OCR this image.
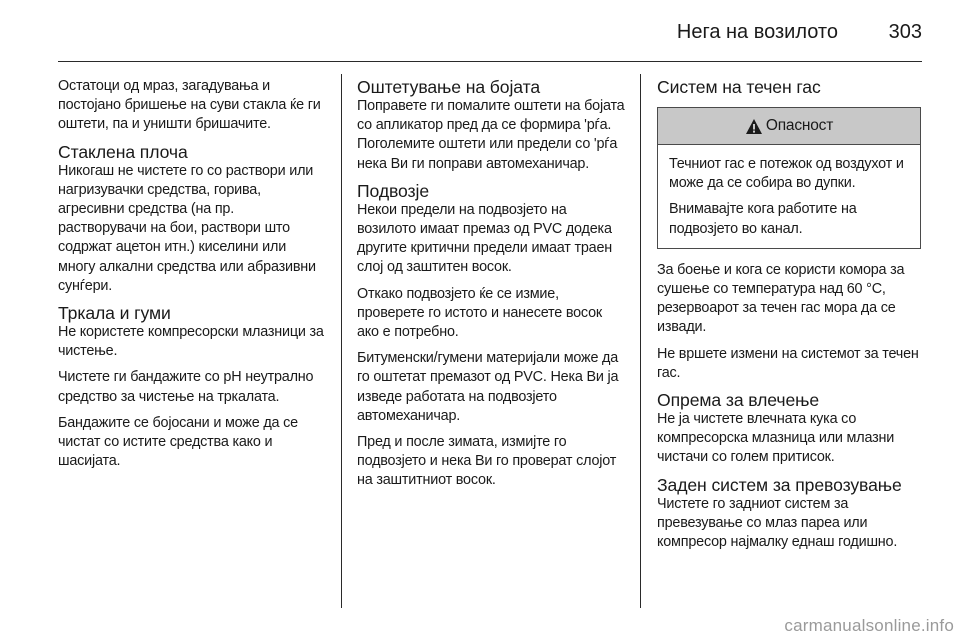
Нега на возилото	303

Остатоци од мраз, загадувања и постојано бришење на суви стакла ќе ги оштети, па и уништи бришачите.

Стаклена плоча

Никогаш не чистете го со раствори или нагризувачки средства, горива, агресивни средства (на пр. растворувачи на бои, раствори што содржат ацетон итн.) киселини или многу алкални средства или абразивни сунѓери.

Тркала и гуми

Не користете компресорски млазници за чистење.

Чистете ги бандажите со pH неутрално средство за чистење на тркалата.

Бандажите се бојосани и може да се чистат со истите средства како и шасијата.

Оштетување на бојата

Поправете ги помалите оштети на бојата со апликатор пред да се формира 'рѓа. Поголемите оштети или предели со 'рѓа нека Ви ги поправи автомеханичар.

Подвозје

Некои предели на подвозјето на возилото имаат премаз од PVC додека другите критични предели имаат траен слој од заштитен восок.

Откако подвозјето ќе се измие, проверете го истото и нанесете восок ако е потребно.

Битуменски/гумени материјали може да го оштетат премазот од PVC. Нека Ви ја изведе работата на подвозјето автомеханичар.

Пред и после зимата, измијте го подвозјето и нека Ви го проверат слојот на заштитниот восок.

Систем на течен гас
Опасност

Течниот гас е потежок од воздухот и може да се собира во дупки.

Внимавајте кога работите на подвозјето во канал.

За боење и кога се користи комора за сушење со температура над 60 °C, резервоарот за течен гас мора да се извади.

Не вршете измени на системот за течен гас.

Опрема за влечење

Не ја чистете влечната кука со компресорска млазница или млазни чистачи со голем притисок.

Заден систем за превозување

Чистете го задниот систем за превезување со млаз пареа или компресор најмалку еднаш годишно.

carmanualsonline.info
